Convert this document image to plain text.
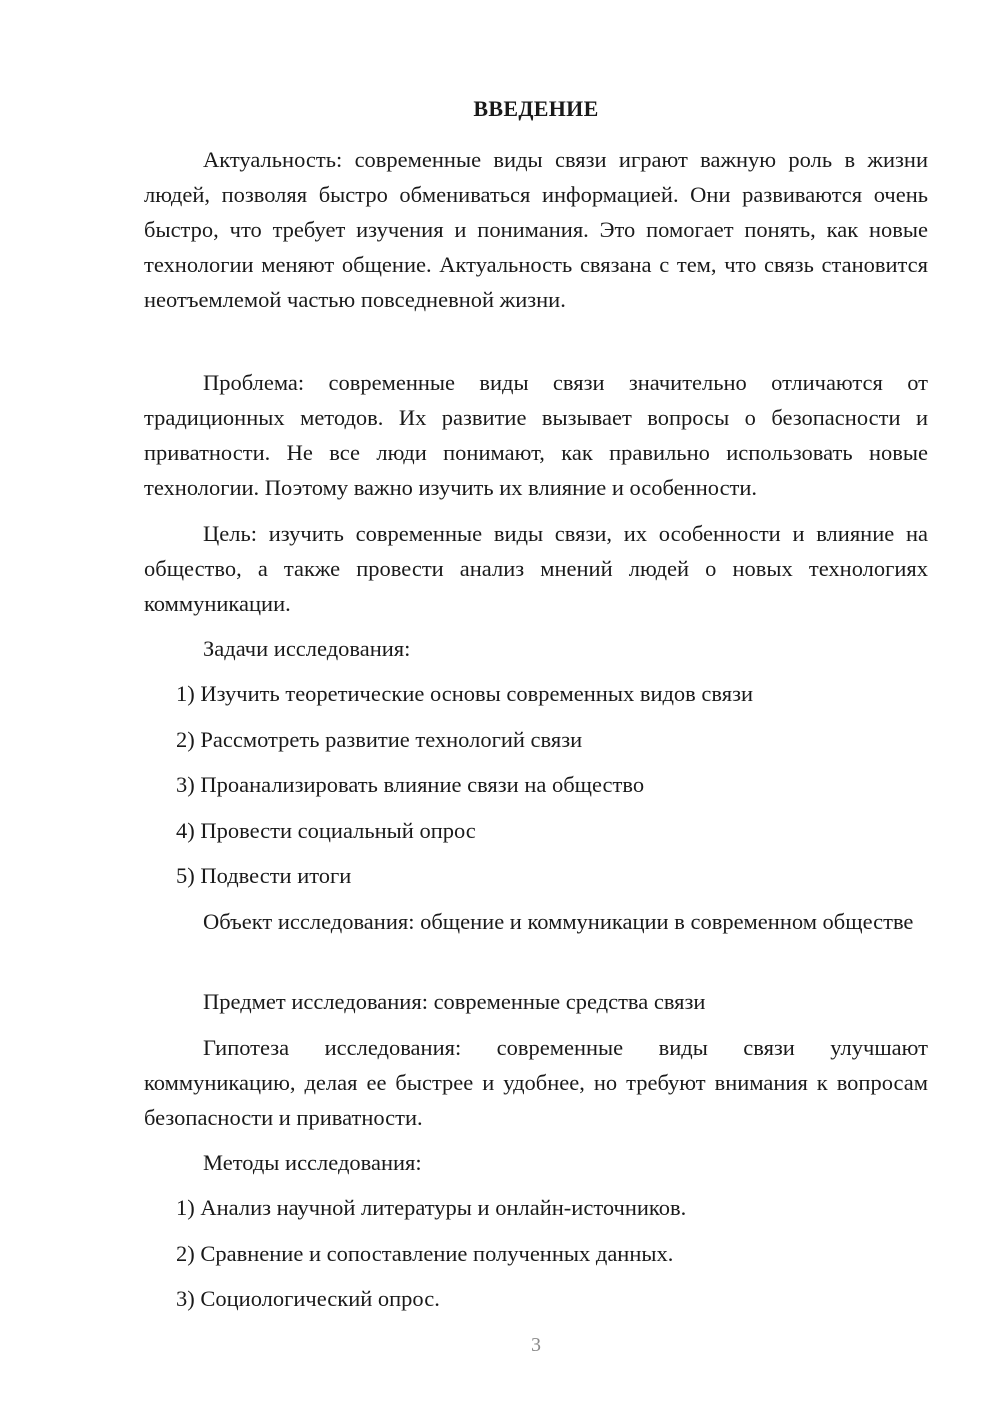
ВВЕДЕНИЕ

Актуальность: современные виды связи играют важную роль в жизни людей, позволяя быстро обмениваться информацией. Они развиваются очень быстро, что требует изучения и понимания. Это помогает понять, как новые технологии меняют общение. Актуальность связана с тем, что связь становится неотъемлемой частью повседневной жизни.

Проблема: современные виды связи значительно отличаются от традиционных методов. Их развитие вызывает вопросы о безопасности и приватности. Не все люди понимают, как правильно использовать новые технологии. Поэтому важно изучить их влияние и особенности.

Цель: изучить современные виды связи, их особенности и влияние на общество, а также провести анализ мнений людей о новых технологиях коммуникации.

Задачи исследования:

1) Изучить теоретические основы современных видов связи

2) Рассмотреть развитие технологий связи

3) Проанализировать влияние связи на общество

4) Провести социальный опрос

5) Подвести итоги

Объект исследования: общение и коммуникации в современном обществе

Предмет исследования: современные средства связи

Гипотеза исследования: современные виды связи улучшают коммуникацию, делая ее быстрее и удобнее, но требуют внимания к вопросам безопасности и приватности.

Методы исследования:

1) Анализ научной литературы и онлайн-источников.

2) Сравнение и сопоставление полученных данных.

3) Социологический опрос.

3
